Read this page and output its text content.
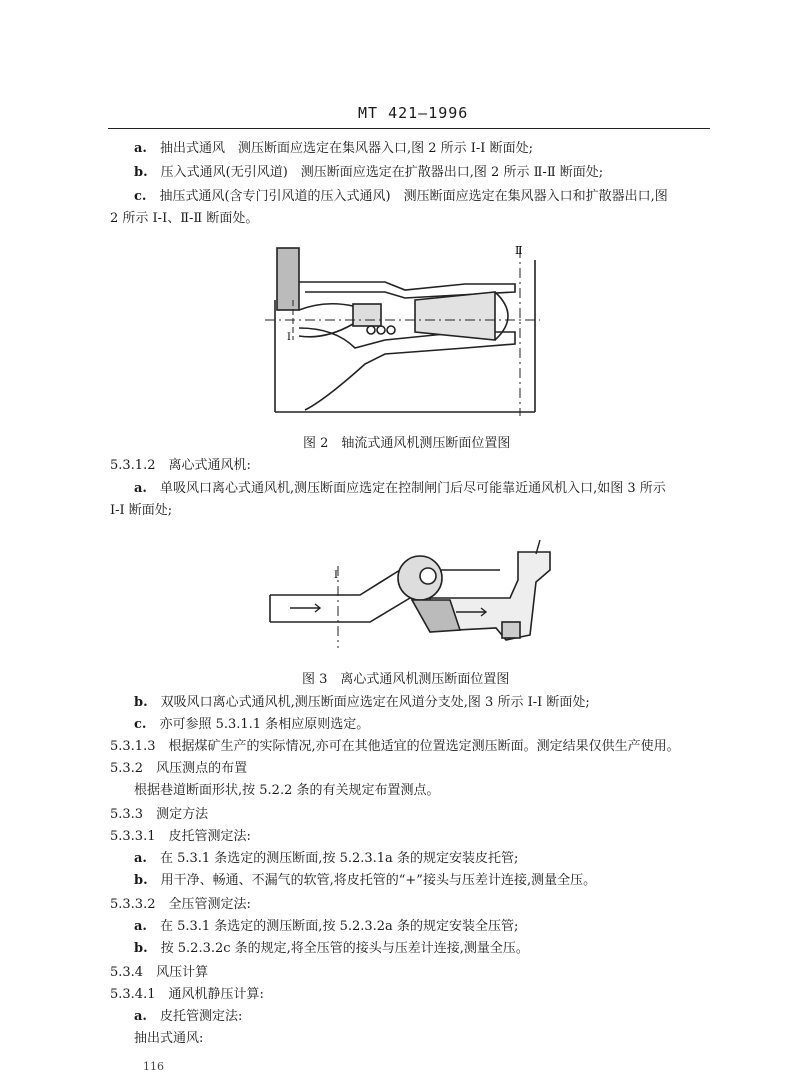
MT 421—1996
a.　 抽出式通风　测压断面应选定在集风器入口,图 2 所示 Ⅰ-Ⅰ 断面处;
b.　 压入式通风(无引风道)　测压断面应选定在扩散器出口,图 2 所示 Ⅱ-Ⅱ 断面处;
c.　 抽压式通风(含专门引风道的压入式通风)　测压断面应选定在集风器入口和扩散器出口,图
2 所示 Ⅰ-Ⅰ、Ⅱ-Ⅱ 断面处。
Ⅱ
Ⅰ
图 2　轴流式通风机测压断面位置图
5.3.1.2　离心式通风机:
a.　 单吸风口离心式通风机,测压断面应选定在控制闸门后尽可能靠近通风机入口,如图 3 所示
Ⅰ-Ⅰ 断面处;
Ⅰ
图 3　离心式通风机测压断面位置图
b.　 双吸风口离心式通风机,测压断面应选定在风道分支处,图 3 所示 Ⅰ-Ⅰ 断面处;
c.　 亦可参照 5.3.1.1 条相应原则选定。
5.3.1.3　根据煤矿生产的实际情况,亦可在其他适宜的位置选定测压断面。测定结果仅供生产使用。
5.3.2　风压测点的布置
根据巷道断面形状,按 5.2.2 条的有关规定布置测点。
5.3.3　测定方法
5.3.3.1　皮托管测定法:
a.　 在 5.3.1 条选定的测压断面,按 5.2.3.1a 条的规定安装皮托管;
b.　 用干净、畅通、不漏气的软管,将皮托管的“+”接头与压差计连接,测量全压。
5.3.3.2　全压管测定法:
a.　 在 5.3.1 条选定的测压断面,按 5.2.3.2a 条的规定安装全压管;
b.　 按 5.2.3.2c 条的规定,将全压管的接头与压差计连接,测量全压。
5.3.4　风压计算
5.3.4.1　通风机静压计算:
a.　 皮托管测定法:
抽出式通风:
116
